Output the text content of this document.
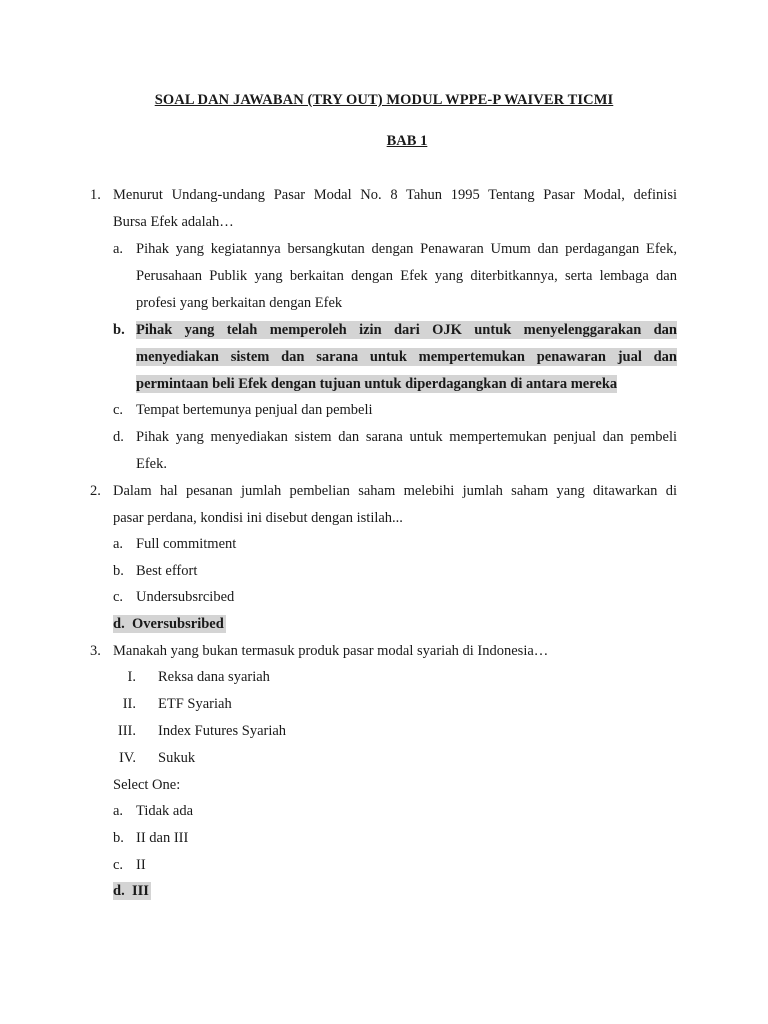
SOAL DAN JAWABAN (TRY OUT) MODUL WPPE-P WAIVER TICMI
BAB 1
1. Menurut Undang-undang Pasar Modal No. 8 Tahun 1995 Tentang Pasar Modal, definisi
Bursa Efek adalah…
a. Pihak yang kegiatannya bersangkutan dengan Penawaran Umum dan perdagangan Efek,
Perusahaan Publik yang berkaitan dengan Efek yang diterbitkannya, serta lembaga dan
profesi yang berkaitan dengan Efek
b. Pihak yang telah memperoleh izin dari OJK untuk menyelenggarakan dan
menyediakan sistem dan sarana untuk mempertemukan penawaran jual dan
permintaan beli Efek dengan tujuan untuk diperdagangkan di antara mereka
c. Tempat bertemunya penjual dan pembeli
d. Pihak yang menyediakan sistem dan sarana untuk mempertemukan penjual dan pembeli
Efek.
2. Dalam hal pesanan jumlah pembelian saham melebihi jumlah saham yang ditawarkan di
pasar perdana, kondisi ini disebut dengan istilah...
a. Full commitment
b. Best effort
c. Undersubsrcibed
d. Oversubsribed
3. Manakah yang bukan termasuk produk pasar modal syariah di Indonesia…
I. Reksa dana syariah
II. ETF Syariah
III. Index Futures Syariah
IV. Sukuk
Select One:
a. Tidak ada
b. II dan III
c. II
d. III
